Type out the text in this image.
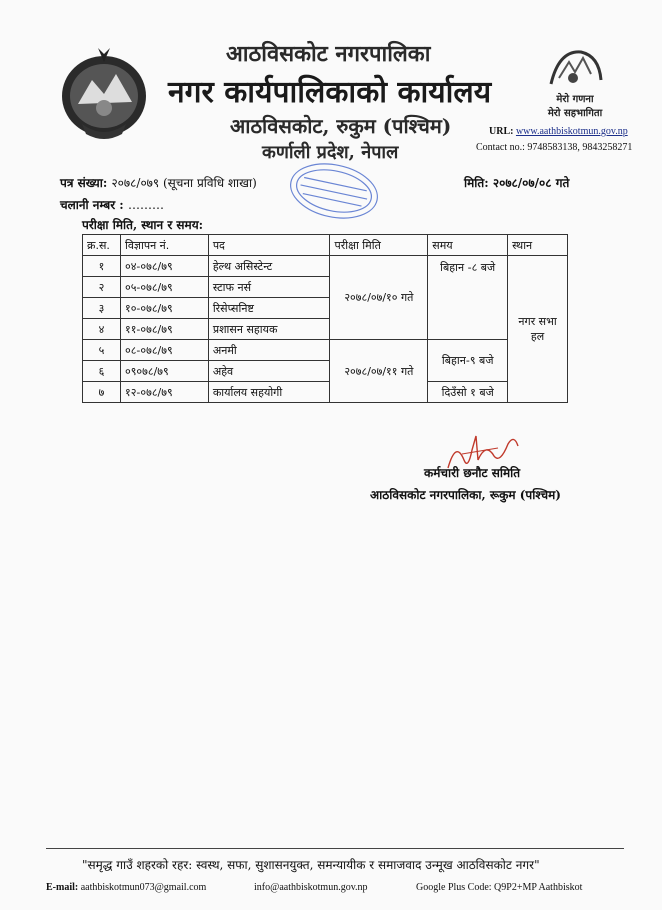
आठविसकोट नगरपालिका
नगर कार्यपालिकाको कार्यालय
आठविसकोट, रुकुम (पश्चिम)
कर्णाली प्रदेश, नेपाल
मेरो गणना
मेरो सहभागिता
URL: www.aathbiskotmun.gov.np
Contact no.: 9748583138, 9843258271
पत्र संख्या: २०७८/०७९ (सूचना प्रविधि शाखा)
चलानी नम्बर : ………
मिति: २०७८/०७/०८ गते
परीक्षा मिति, स्थान र समय:
क्र.स.	विज्ञापन नं.	पद	परीक्षा मिति	समय	स्थान
१	०४-०७८/७९	हेल्थ असिस्टेन्ट	२०७८/०७/१० गते	बिहान -८ बजे	नगर सभा हल
२	०५-०७८/७९	स्टाफ नर्स			
३	१०-०७८/७९	रिसेप्सनिष्ट			
४	११-०७८/७९	प्रशासन सहायक			
५	०८-०७८/७९	अनमी	२०७८/०७/११ गते	बिहान-९ बजे	
६	०९०७८/७९	अहेव			
७	१२-०७८/७९	कार्यालय सहयोगी		दिउँसो १ बजे	
कर्मचारी छनौट समिति
आठविसकोट नगरपालिका, रूकुम (पश्चिम)
"समृद्ध गाउँ शहरको रहर: स्वस्थ, सफा, सुशासनयुक्त, समन्यायीक र समाजवाद उन्मूख आठविसकोट नगर"
E-mail: aathbiskotmun073@gmail.com	info@aathbiskotmun.gov.np	Google Plus Code: Q9P2+MP Aathbiskot
